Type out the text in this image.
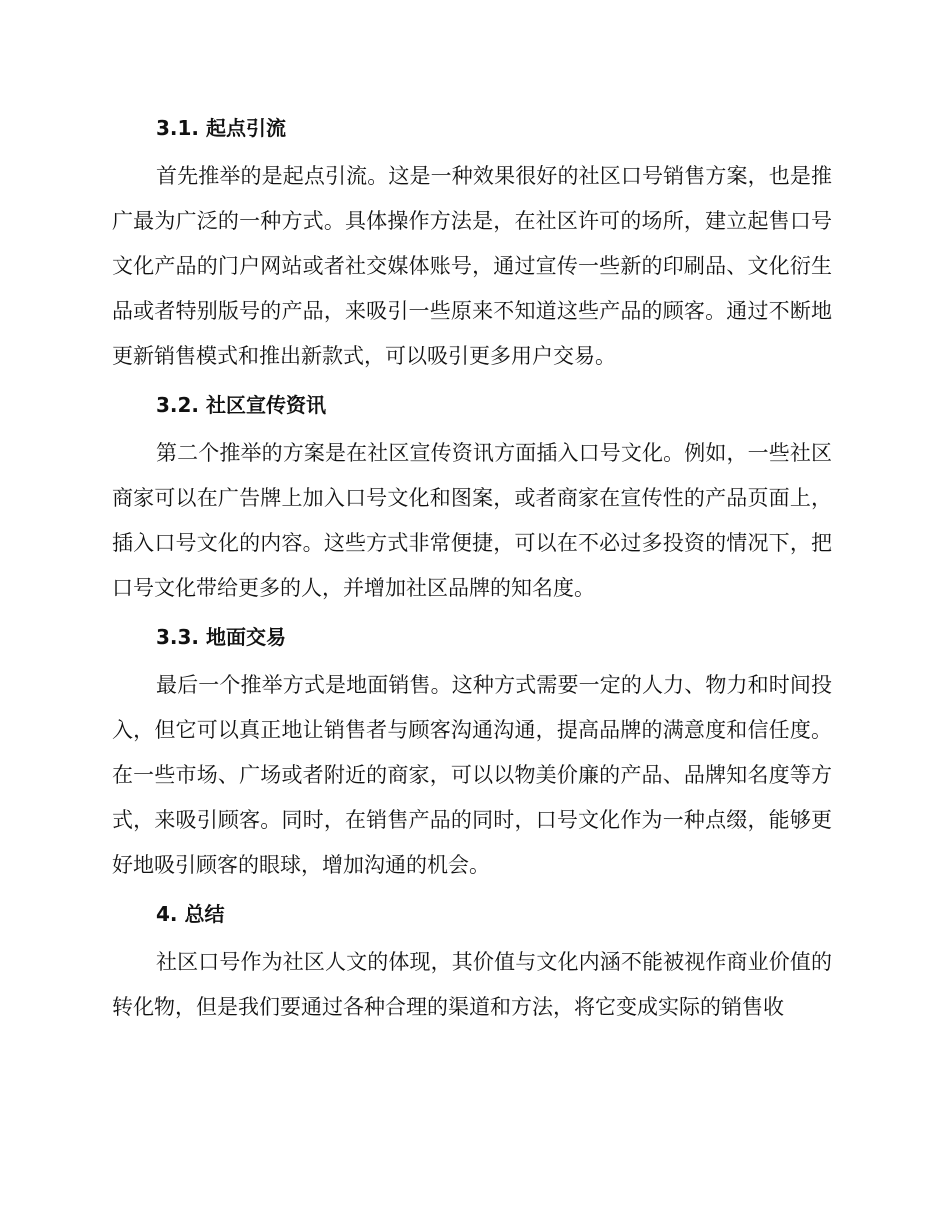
3.1. 起点引流

首先推举的是起点引流。这是一种效果很好的社区口号销售方案，也是推广最为广泛的一种方式。具体操作方法是，在社区许可的场所，建立起售口号文化产品的门户网站或者社交媒体账号，通过宣传一些新的印刷品、文化衍生品或者特别版号的产品，来吸引一些原来不知道这些产品的顾客。通过不断地更新销售模式和推出新款式，可以吸引更多用户交易。

3.2. 社区宣传资讯

第二个推举的方案是在社区宣传资讯方面插入口号文化。例如，一些社区商家可以在广告牌上加入口号文化和图案，或者商家在宣传性的产品页面上，插入口号文化的内容。这些方式非常便捷，可以在不必过多投资的情况下，把口号文化带给更多的人，并增加社区品牌的知名度。

3.3. 地面交易

最后一个推举方式是地面销售。这种方式需要一定的人力、物力和时间投入，但它可以真正地让销售者与顾客沟通沟通，提高品牌的满意度和信任度。在一些市场、广场或者附近的商家，可以以物美价廉的产品、品牌知名度等方式，来吸引顾客。同时，在销售产品的同时，口号文化作为一种点缀，能够更好地吸引顾客的眼球，增加沟通的机会。

4. 总结

社区口号作为社区人文的体现，其价值与文化内涵不能被视作商业价值的转化物，但是我们要通过各种合理的渠道和方法，将它变成实际的销售收
